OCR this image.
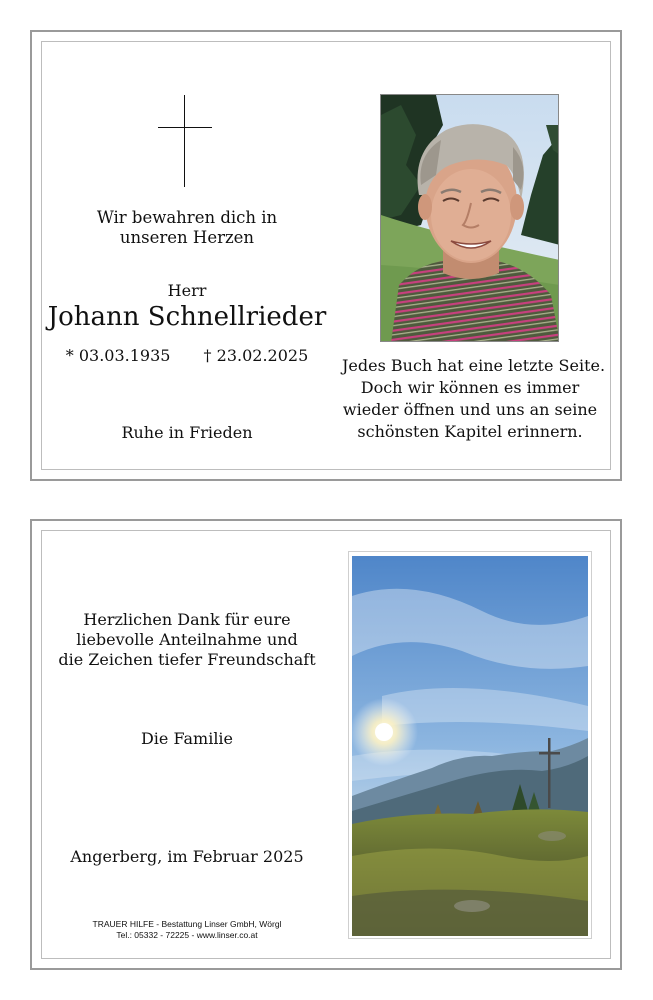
Wir bewahren dich in
unseren Herzen
Herr
Johann Schnellrieder
* 03.03.1935 † 23.02.2025
Ruhe in Frieden
Jedes Buch hat eine letzte Seite.
Doch wir können es immer
wieder öffnen und uns an seine
schönsten Kapitel erinnern.
Herzlichen Dank für eure
liebevolle Anteilnahme und
die Zeichen tiefer Freundschaft
Die Familie
Angerberg, im Februar 2025
TRAUER HILFE - Bestattung Linser GmbH, Wörgl
Tel.: 05332 - 72225 - www.linser.co.at
